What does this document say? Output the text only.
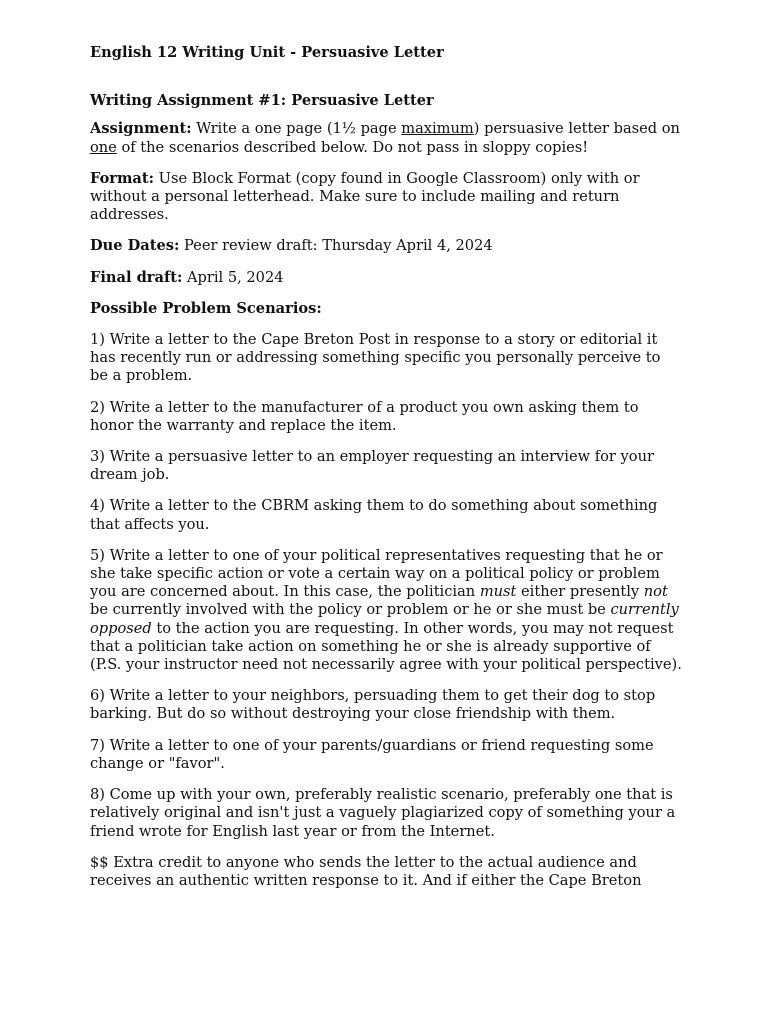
English 12 Writing Unit - Persuasive Letter
Writing Assignment #1: Persuasive Letter

Assignment: Write a one page (1½ page maximum) persuasive letter based on one of the scenarios described below. Do not pass in sloppy copies!

Format: Use Block Format (copy found in Google Classroom) only with or without a personal letterhead. Make sure to include mailing and return addresses.

Due Dates: Peer review draft: Thursday April 4, 2024

Final draft: April 5, 2024

Possible Problem Scenarios:

1) Write a letter to the Cape Breton Post in response to a story or editorial it has recently run or addressing something specific you personally perceive to be a problem.

2) Write a letter to the manufacturer of a product you own asking them to honor the warranty and replace the item.

3) Write a persuasive letter to an employer requesting an interview for your dream job.

4) Write a letter to the CBRM asking them to do something about something that affects you.

5) Write a letter to one of your political representatives requesting that he or she take specific action or vote a certain way on a political policy or problem you are concerned about. In this case, the politician must either presently not be currently involved with the policy or problem or he or she must be currently opposed to the action you are requesting. In other words, you may not request that a politician take action on something he or she is already supportive of (P.S. your instructor need not necessarily agree with your political perspective).

6) Write a letter to your neighbors, persuading them to get their dog to stop barking. But do so without destroying your close friendship with them.

7) Write a letter to one of your parents/guardians or friend requesting some change or "favor".

8) Come up with your own, preferably realistic scenario, preferably one that is relatively original and isn't just a vaguely plagiarized copy of something your a friend wrote for English last year or from the Internet.

$$ Extra credit to anyone who sends the letter to the actual audience and receives an authentic written response to it. And if either the Cape Breton
